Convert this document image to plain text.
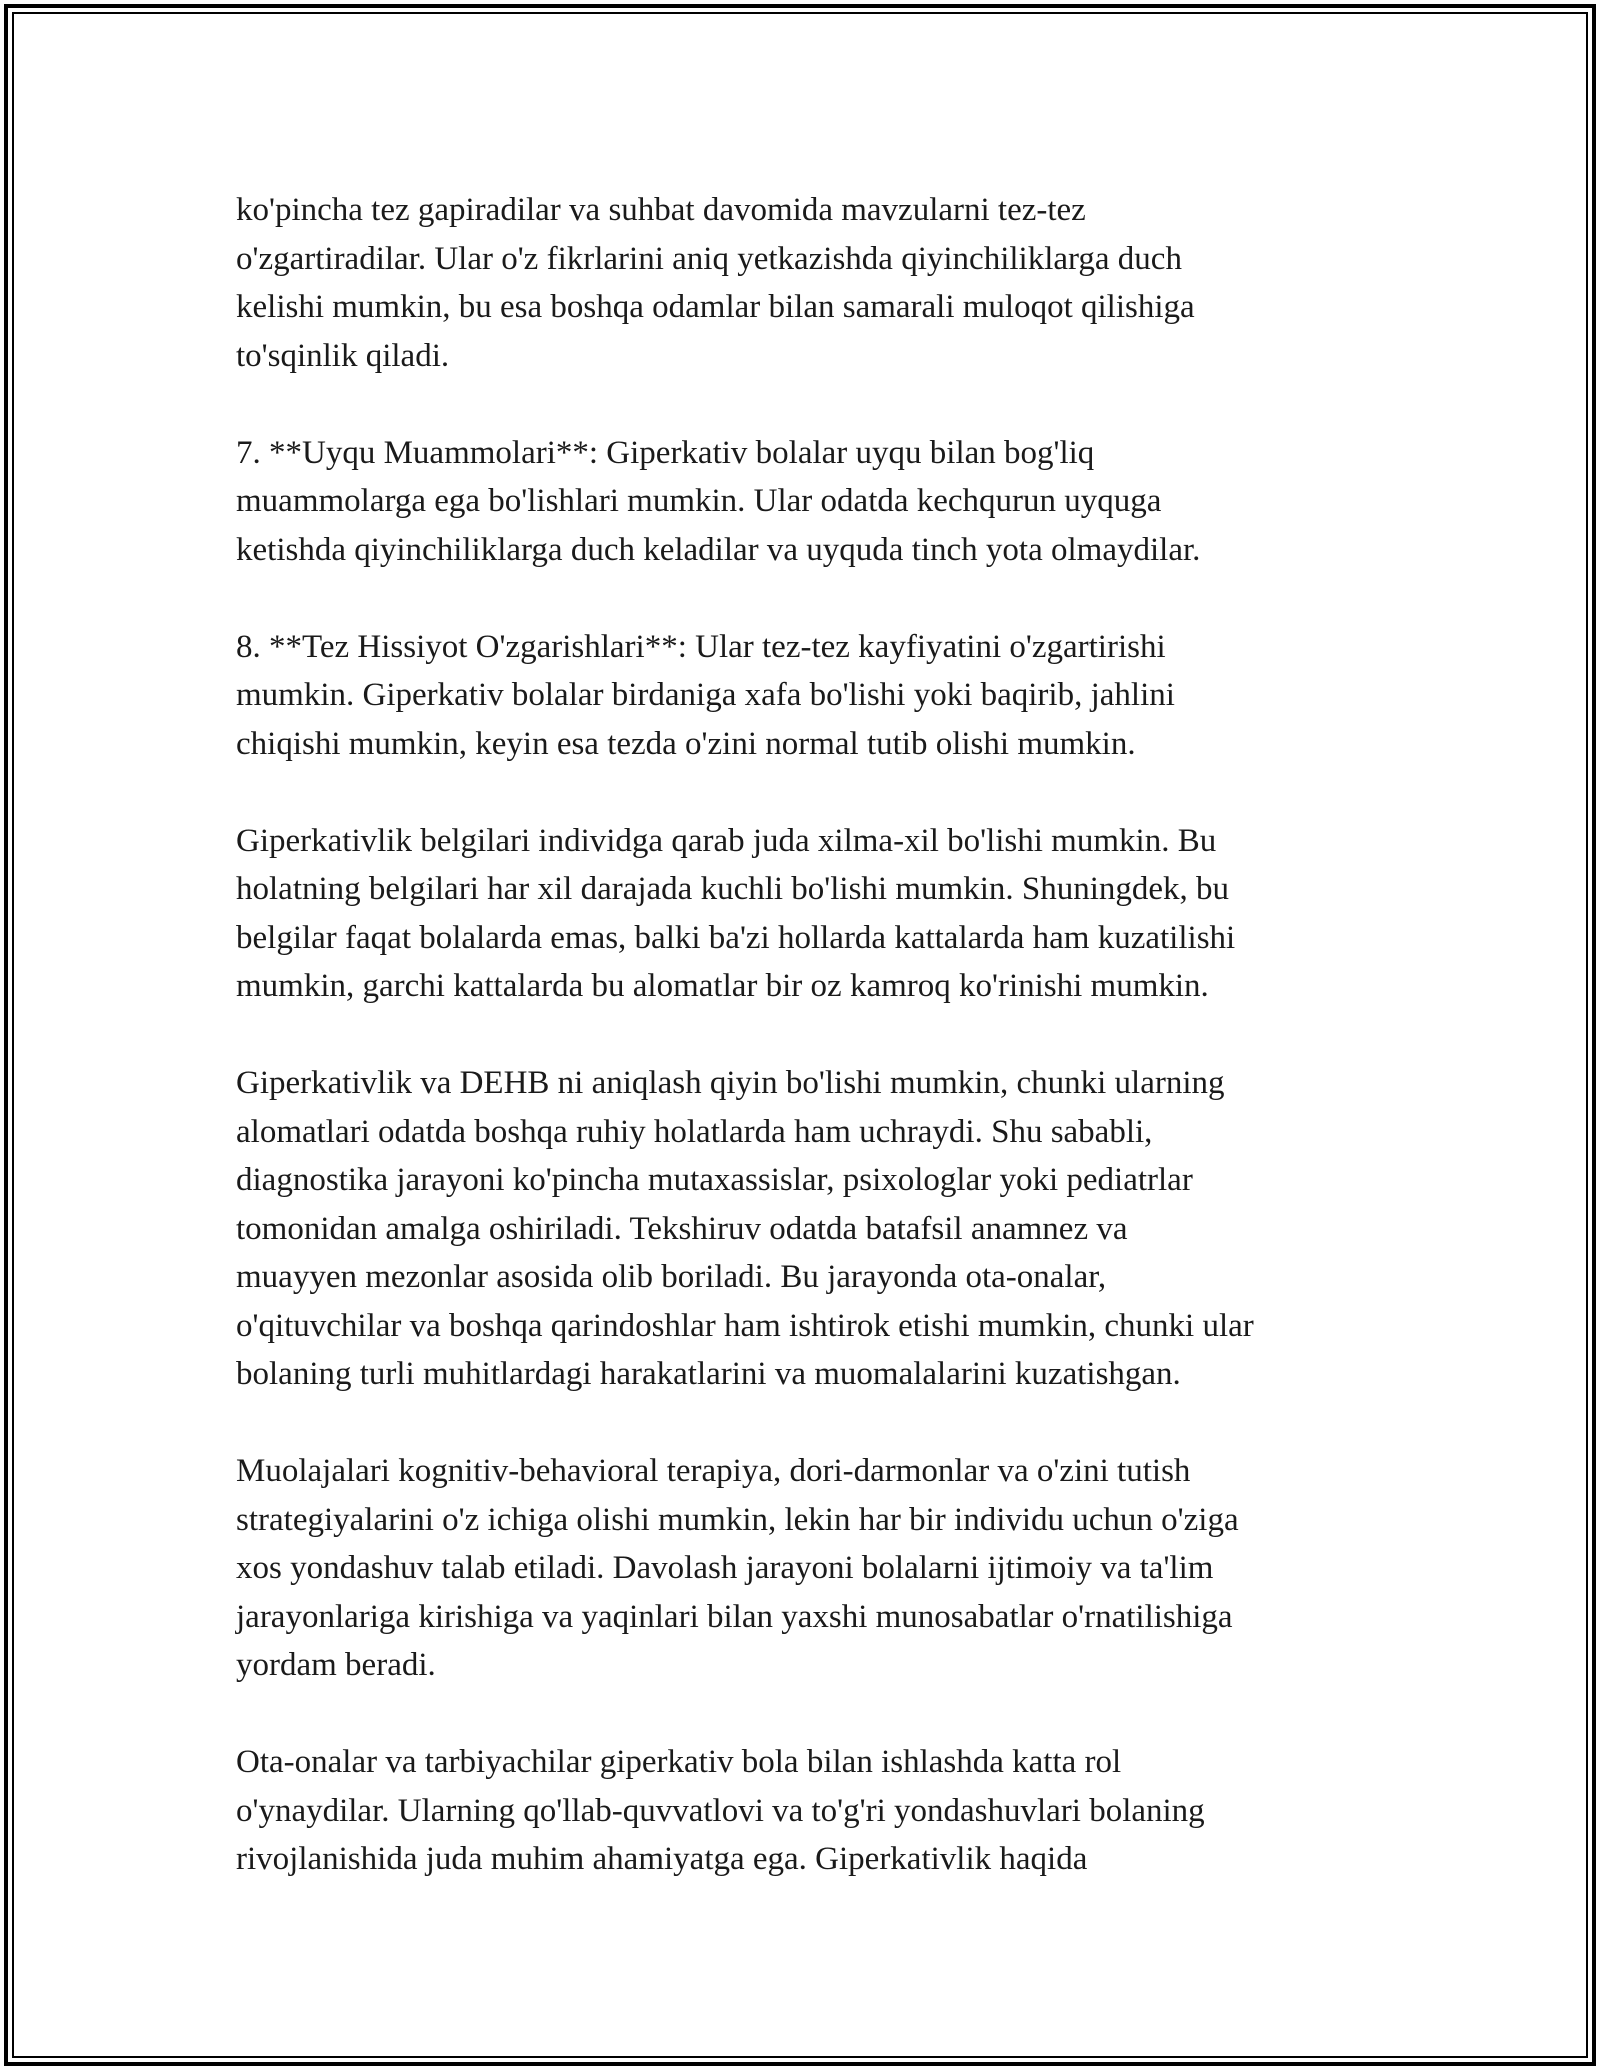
ko'pincha tez gapiradilar va suhbat davomida mavzularni tez-tez
o'zgartiradilar. Ular o'z fikrlarini aniq yetkazishda qiyinchiliklarga duch
kelishi mumkin, bu esa boshqa odamlar bilan samarali muloqot qilishiga
to'sqinlik qiladi.

7. **Uyqu Muammolari**: Giperkativ bolalar uyqu bilan bog'liq
muammolarga ega bo'lishlari mumkin. Ular odatda kechqurun uyquga
ketishda qiyinchiliklarga duch keladilar va uyquda tinch yota olmaydilar.

8. **Tez Hissiyot O'zgarishlari**: Ular tez-tez kayfiyatini o'zgartirishi
mumkin. Giperkativ bolalar birdaniga xafa bo'lishi yoki baqirib, jahlini
chiqishi mumkin, keyin esa tezda o'zini normal tutib olishi mumkin.

Giperkativlik belgilari individga qarab juda xilma-xil bo'lishi mumkin. Bu
holatning belgilari har xil darajada kuchli bo'lishi mumkin. Shuningdek, bu
belgilar faqat bolalarda emas, balki ba'zi hollarda kattalarda ham kuzatilishi
mumkin, garchi kattalarda bu alomatlar bir oz kamroq ko'rinishi mumkin.

Giperkativlik va DEHB ni aniqlash qiyin bo'lishi mumkin, chunki ularning
alomatlari odatda boshqa ruhiy holatlarda ham uchraydi. Shu sababli,
diagnostika jarayoni ko'pincha mutaxassislar, psixologlar yoki pediatrlar
tomonidan amalga oshiriladi. Tekshiruv odatda batafsil anamnez va
muayyen mezonlar asosida olib boriladi. Bu jarayonda ota-onalar,
o'qituvchilar va boshqa qarindoshlar ham ishtirok etishi mumkin, chunki ular
bolaning turli muhitlardagi harakatlarini va muomalalarini kuzatishgan.

Muolajalari kognitiv-behavioral terapiya, dori-darmonlar va o'zini tutish
strategiyalarini o'z ichiga olishi mumkin, lekin har bir individu uchun o'ziga
xos yondashuv talab etiladi. Davolash jarayoni bolalarni ijtimoiy va ta'lim
jarayonlariga kirishiga va yaqinlari bilan yaxshi munosabatlar o'rnatilishiga
yordam beradi.

Ota-onalar va tarbiyachilar giperkativ bola bilan ishlashda katta rol
o'ynaydilar. Ularning qo'llab-quvvatlovi va to'g'ri yondashuvlari bolaning
rivojlanishida juda muhim ahamiyatga ega. Giperkativlik haqida
